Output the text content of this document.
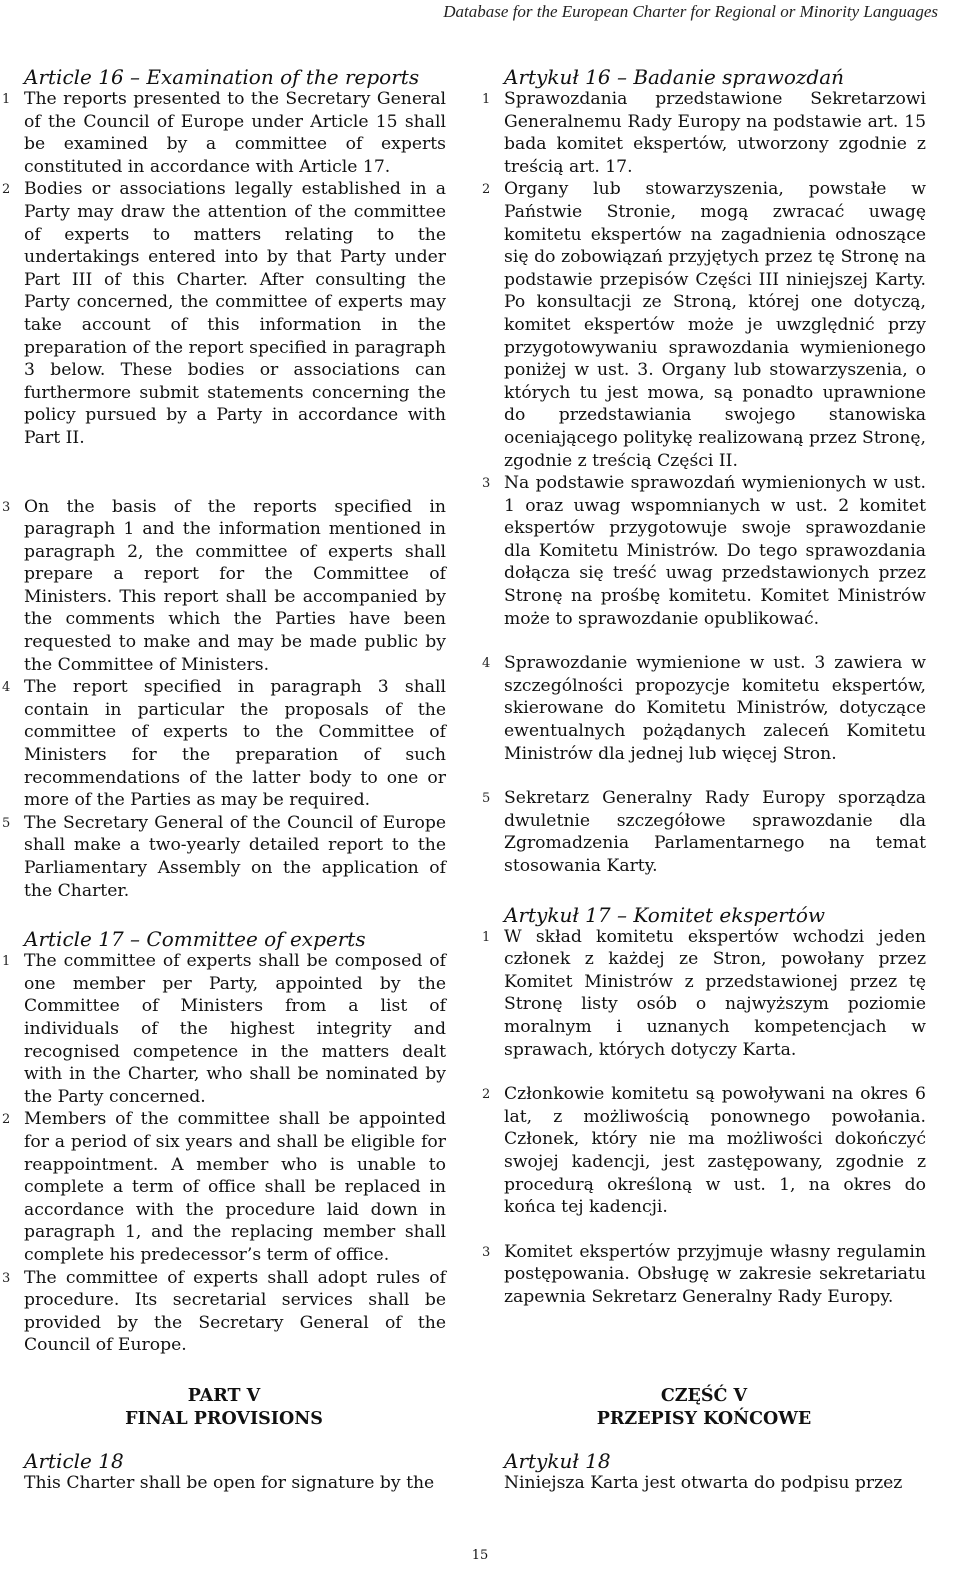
Database for the European Charter for Regional or Minority Languages
Article 16 – Examination of the reports
1 The reports presented to the Secretary General of the Council of Europe under Article 15 shall be examined by a committee of experts constituted in accordance with Article 17.
2 Bodies or associations legally established in a Party may draw the attention of the committee of experts to matters relating to the undertakings entered into by that Party under Part III of this Charter. After consulting the Party concerned, the committee of experts may take account of this information in the preparation of the report specified in paragraph 3 below. These bodies or associations can furthermore submit statements concerning the policy pursued by a Party in accordance with Part II.
3 On the basis of the reports specified in paragraph 1 and the information mentioned in paragraph 2, the committee of experts shall prepare a report for the Committee of Ministers. This report shall be accompanied by the comments which the Parties have been requested to make and may be made public by the Committee of Ministers.
4 The report specified in paragraph 3 shall contain in particular the proposals of the committee of experts to the Committee of Ministers for the preparation of such recommendations of the latter body to one or more of the Parties as may be required.
5 The Secretary General of the Council of Europe shall make a two-yearly detailed report to the Parliamentary Assembly on the application of the Charter.
Article 17 – Committee of experts
1 The committee of experts shall be composed of one member per Party, appointed by the Committee of Ministers from a list of individuals of the highest integrity and recognised competence in the matters dealt with in the Charter, who shall be nominated by the Party concerned.
2 Members of the committee shall be appointed for a period of six years and shall be eligible for reappointment. A member who is unable to complete a term of office shall be replaced in accordance with the procedure laid down in paragraph 1, and the replacing member shall complete his predecessor’s term of office.
3 The committee of experts shall adopt rules of procedure. Its secretarial services shall be provided by the Secretary General of the Council of Europe.
Artykuł 16 – Badanie sprawozdań
1 Sprawozdania przedstawione Sekretarzowi Generalnemu Rady Europy na podstawie art. 15 bada komitet ekspertów, utworzony zgodnie z treścią art. 17.
2 Organy lub stowarzyszenia, powstałe w Państwie Stronie, mogą zwracać uwagę komitetu ekspertów na zagadnienia odnoszące się do zobowiązań przyjętych przez tę Stronę na podstawie przepisów Części III niniejszej Karty. Po konsultacji ze Stroną, której one dotyczą, komitet ekspertów może je uwzględnić przy przygotowywaniu sprawozdania wymienionego poniżej w ust. 3. Organy lub stowarzyszenia, o których tu jest mowa, są ponadto uprawnione do przedstawiania swojego stanowiska oceniającego politykę realizowaną przez Stronę, zgodnie z treścią Części II.
3 Na podstawie sprawozdań wymienionych w ust. 1 oraz uwag wspomnianych w ust. 2 komitet ekspertów przygotowuje swoje sprawozdanie dla Komitetu Ministrów. Do tego sprawozdania dołącza się treść uwag przedstawionych przez Stronę na prośbę komitetu. Komitet Ministrów może to sprawozdanie opublikować.
4 Sprawozdanie wymienione w ust. 3 zawiera w szczególności propozycje komitetu ekspertów, skierowane do Komitetu Ministrów, dotyczące ewentualnych pożądanych zaleceń Komitetu Ministrów dla jednej lub więcej Stron.
5 Sekretarz Generalny Rady Europy sporządza dwuletnie szczegółowe sprawozdanie dla Zgromadzenia Parlamentarnego na temat stosowania Karty.
Artykuł 17 – Komitet ekspertów
1 W skład komitetu ekspertów wchodzi jeden członek z każdej ze Stron, powołany przez Komitet Ministrów z przedstawionej przez tę Stronę listy osób o najwyższym poziomie moralnym i uznanych kompetencjach w sprawach, których dotyczy Karta.
2 Członkowie komitetu są powoływani na okres 6 lat, z możliwością ponownego powołania. Członek, który nie ma możliwości dokończyć swojej kadencji, jest zastępowany, zgodnie z procedurą określoną w ust. 1, na okres do końca tej kadencji.
3 Komitet ekspertów przyjmuje własny regulamin postępowania. Obsługę w zakresie sekretariatu zapewnia Sekretarz Generalny Rady Europy.
PART V
FINAL PROVISIONS
CZĘŚĆ V
PRZEPISY KOŃCOWE
Article 18
This Charter shall be open for signature by the
Artykuł 18
Niniejsza Karta jest otwarta do podpisu przez
15
